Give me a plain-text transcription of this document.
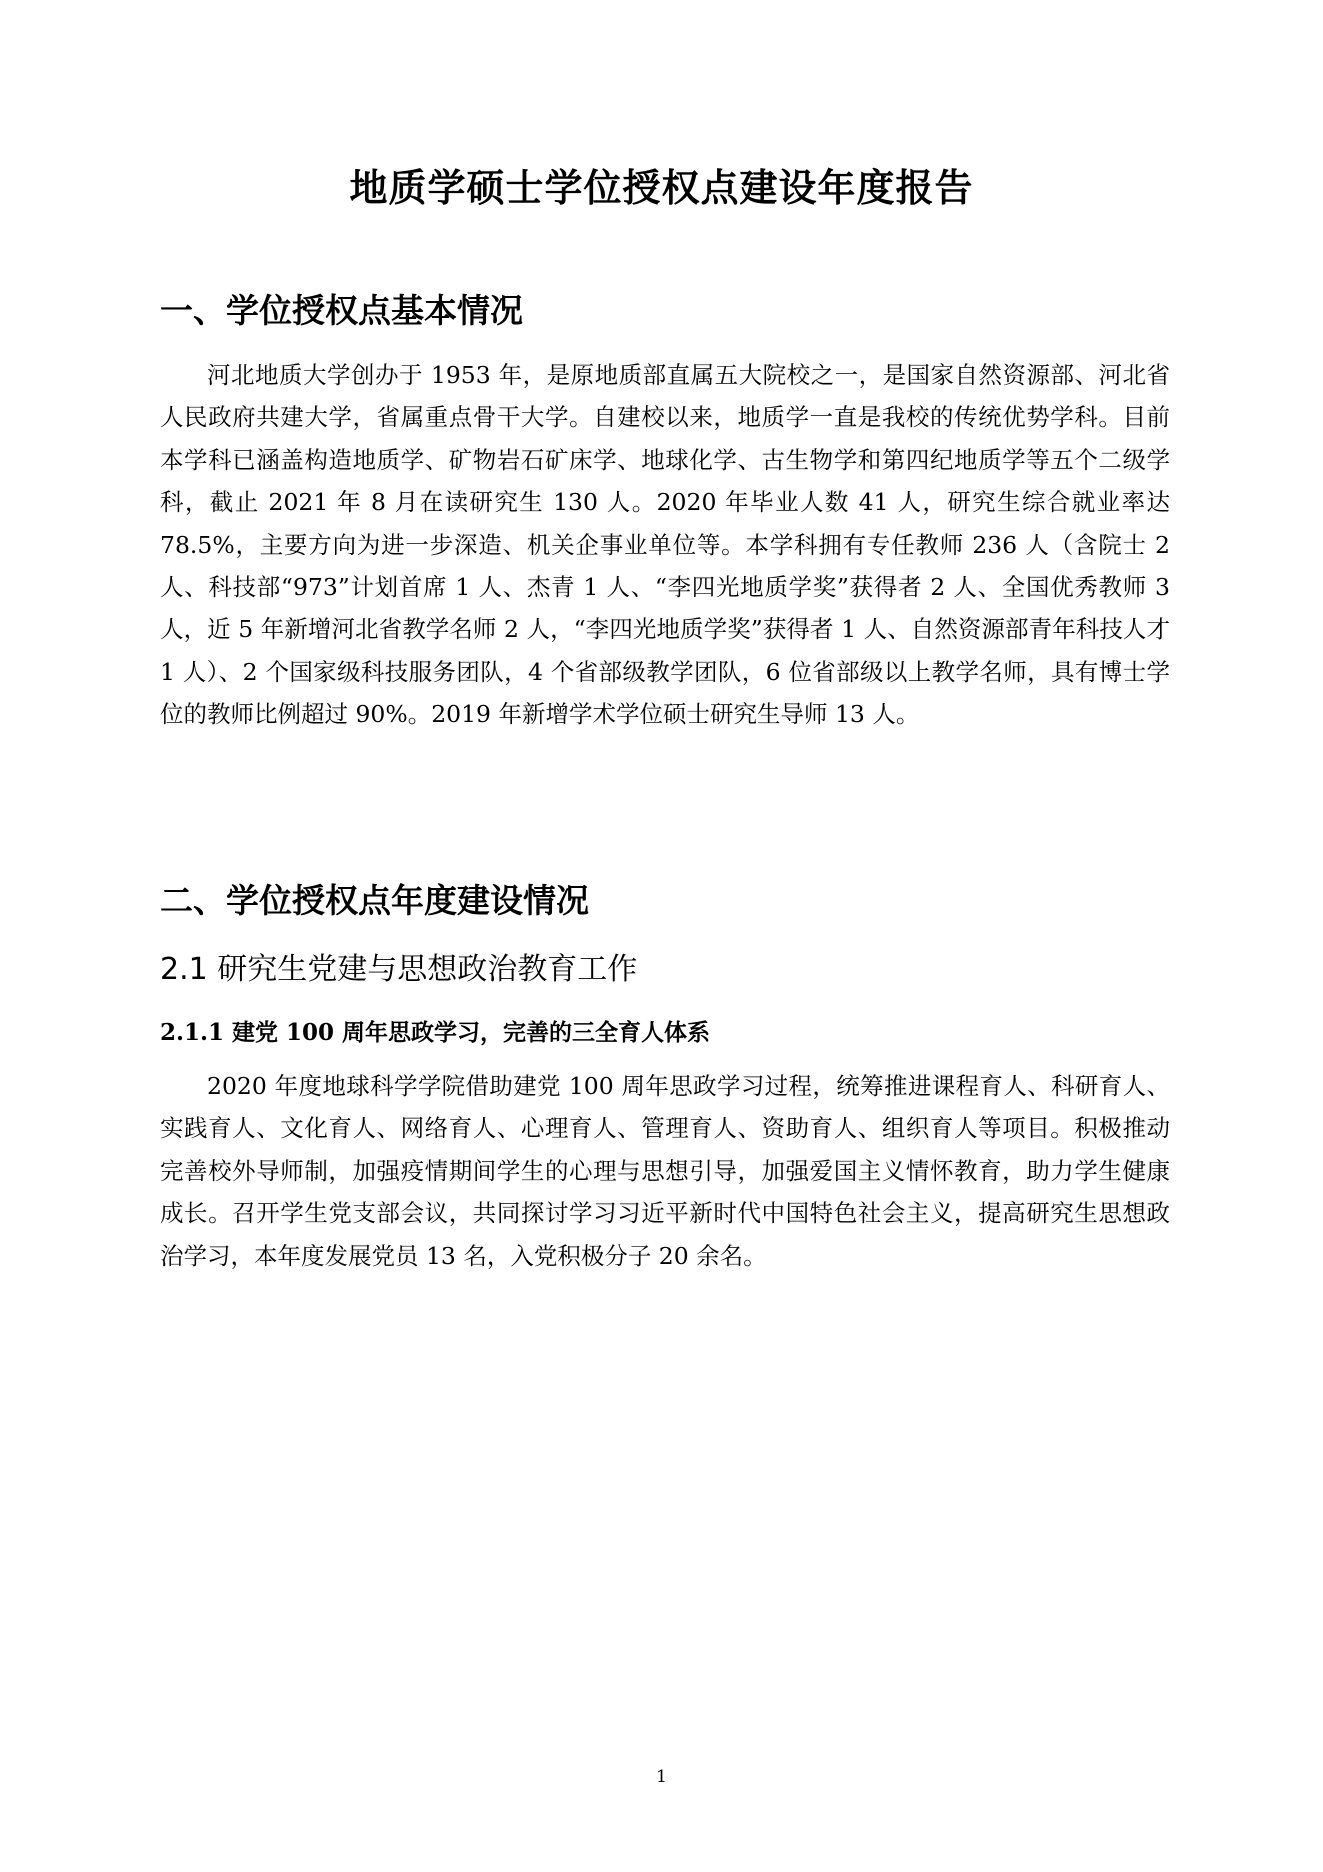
地质学硕士学位授权点建设年度报告
一、学位授权点基本情况

河北地质大学创办于 1953 年，是原地质部直属五大院校之一，是国家自然资源部、河北省人民政府共建大学，省属重点骨干大学。自建校以来，地质学一直是我校的传统优势学科。目前本学科已涵盖构造地质学、矿物岩石矿床学、地球化学、古生物学和第四纪地质学等五个二级学科，截止 2021 年 8 月在读研究生 130 人。2020 年毕业人数 41 人，研究生综合就业率达 78.5%，主要方向为进一步深造、机关企事业单位等。本学科拥有专任教师 236 人（含院士 2 人、科技部“973”计划首席 1 人、杰青 1 人、“李四光地质学奖”获得者 2 人、全国优秀教师 3 人，近 5 年新增河北省教学名师 2 人，“李四光地质学奖”获得者 1 人、自然资源部青年科技人才 1 人）、2 个国家级科技服务团队，4 个省部级教学团队，6 位省部级以上教学名师，具有博士学位的教师比例超过 90%。2019 年新增学术学位硕士研究生导师 13 人。

二、学位授权点年度建设情况
2.1 研究生党建与思想政治教育工作
2.1.1 建党 100 周年思政学习，完善的三全育人体系

2020 年度地球科学学院借助建党 100 周年思政学习过程，统筹推进课程育人、科研育人、实践育人、文化育人、网络育人、心理育人、管理育人、资助育人、组织育人等项目。积极推动完善校外导师制，加强疫情期间学生的心理与思想引导，加强爱国主义情怀教育，助力学生健康成长。召开学生党支部会议，共同探讨学习习近平新时代中国特色社会主义，提高研究生思想政治学习，本年度发展党员 13 名，入党积极分子 20 余名。

1
